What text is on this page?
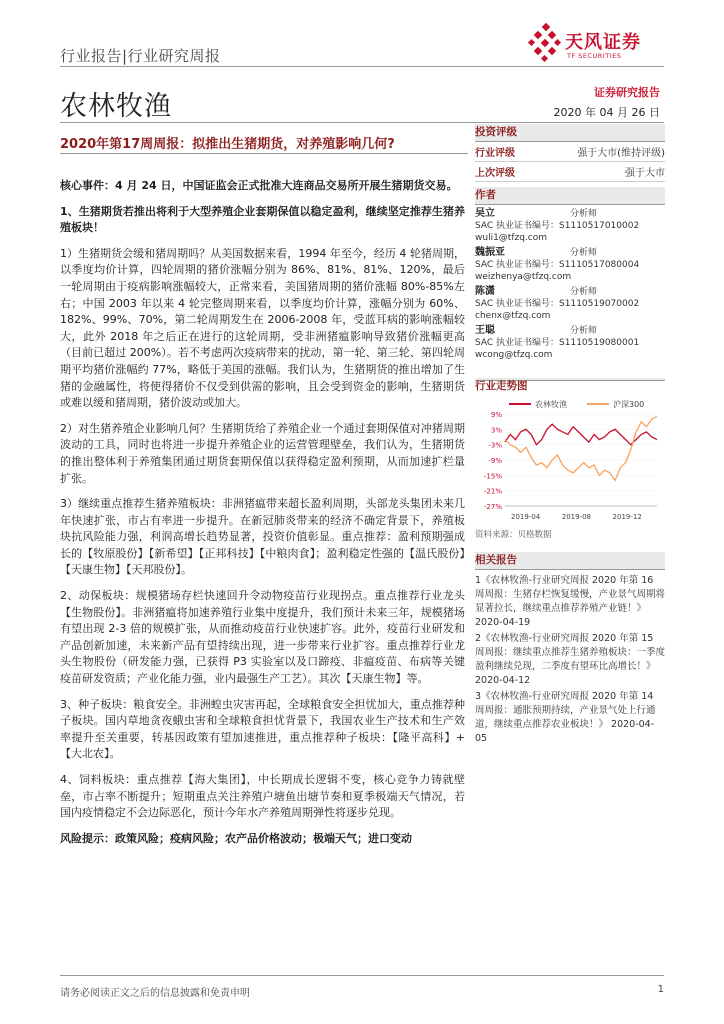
行业报告|行业研究周报
天风证券
TF SECURITIES
农林牧渔	证券研究报告
2020 年 04 月 26 日
2020年第17周周报：拟推出生猪期货，对养殖影响几何?

核心事件：4 月 24 日，中国证监会正式批准大连商品交易所开展生猪期货交易。

1、生猪期货若推出将利于大型养殖企业套期保值以稳定盈利，继续坚定推荐生猪养殖板块！

1）生猪期货会缓和猪周期吗？从美国数据来看，1994 年至今，经历 4 轮猪周期，以季度均价计算，四轮周期的猪价涨幅分别为 86%、81%、81%、120%，最后一轮周期由于疫病影响涨幅较大，正常来看，美国猪周期的猪价涨幅 80%-85%左右；中国 2003 年以来 4 轮完整周期来看，以季度均价计算，涨幅分别为 60%、182%、99%、70%，第二轮周期发生在 2006-2008 年，受蓝耳病的影响涨幅较大，此外 2018 年之后正在进行的这轮周期，受非洲猪瘟影响导致猪价涨幅更高（目前已超过 200%）。若不考虑两次疫病带来的扰动，第一轮、第三轮、第四轮周期平均猪价涨幅约 77%，略低于美国的涨幅。我们认为，生猪期货的推出增加了生猪的金融属性，将使得猪价不仅受到供需的影响，且会受到资金的影响，生猪期货或难以缓和猪周期，猪价波动或加大。

2）对生猪养殖企业影响几何？生猪期货给了养殖企业一个通过套期保值对冲猪周期波动的工具，同时也将进一步提升养殖企业的运营管理壁垒，我们认为，生猪期货的推出整体利于养殖集团通过期货套期保值以获得稳定盈利预期，从而加速扩栏量扩张。

3）继续重点推荐生猪养殖板块：非洲猪瘟带来超长盈利周期，头部龙头集团未来几年快速扩张，市占有率进一步提升。在新冠肺炎带来的经济不确定背景下，养殖板块抗风险能力强，利润高增长趋势显著，投资价值彰显。重点推荐：盈利预期强成长的【牧原股份】【新希望】【正邦科技】【中粮肉食】；盈利稳定性强的【温氏股份】【天康生物】【天邦股份】。

2、动保板块：规模猪场存栏快速回升令动物疫苗行业现拐点。重点推荐行业龙头【生物股份】。非洲猪瘟将加速养殖行业集中度提升，我们预计未来三年，规模猪场有望出现 2-3 倍的规模扩张，从而推动疫苗行业快速扩容。此外，疫苗行业研发和产品创新加速，未来新产品有望持续出现，进一步带来行业扩容。重点推荐行业龙头生物股份（研发能力强，已获得 P3 实验室以及口蹄疫、非瘟疫苗、布病等关键疫苗研发资质；产业化能力强，业内最强生产工艺）。其次【天康生物】等。

3、种子板块：粮食安全。非洲蝗虫灾害再起，全球粮食安全担忧加大，重点推荐种子板块。国内草地贪夜蛾虫害和全球粮食担忧背景下，我国农业生产技术和生产效率提升至关重要，转基因政策有望加速推进，重点推荐种子板块：【隆平高科】+【大北农】。

4、饲料板块：重点推荐【海大集团】，中长期成长逻辑不变，核心竞争力铸就壁垒，市占率不断提升；短期重点关注养殖户塘鱼出塘节奏和夏季极端天气情况，若国内疫情稳定不会边际恶化，预计今年水产养殖周期弹性将逐步兑现。

风险提示：政策风险；疫病风险；农产品价格波动；极端天气；进口变动

投资评级
行业评级	强于大市(维持评级)
上次评级	强于大市
作者
吴立	分析师
SAC 执业证书编号：S1110517010002
wuli1@tfzq.com
魏振亚	分析师
SAC 执业证书编号：S1110517080004
weizhenya@tfzq.com
陈潇	分析师
SAC 执业证书编号：S1110519070002
chenx@tfzq.com
王聪	分析师
SAC 执业证书编号：S1110519080001
wcong@tfzq.com
行业走势图
农林牧渔	沪深300
9%
3%
-3%
-9%
-15%
-21%
-27%
2019-04	2019-08	2019-12
资料来源：贝格数据
相关报告
1《农林牧渔-行业研究周报 2020 年第 16 周周报：生猪存栏恢复缓慢，产业景气周期将显著拉长，继续重点推荐养殖产业链！》 2020-04-19
2《农林牧渔-行业研究周报 2020 年第 15 周周报：继续重点推荐生猪养殖板块：一季度盈利继续兑现，二季度有望环比高增长！》 2020-04-12
3《农林牧渔-行业研究周报 2020 年第 14 周周报：通胀预期持续，产业景气处上行通道，继续重点推荐农业板块！》 2020-04-05
请务必阅读正文之后的信息披露和免责申明	1
